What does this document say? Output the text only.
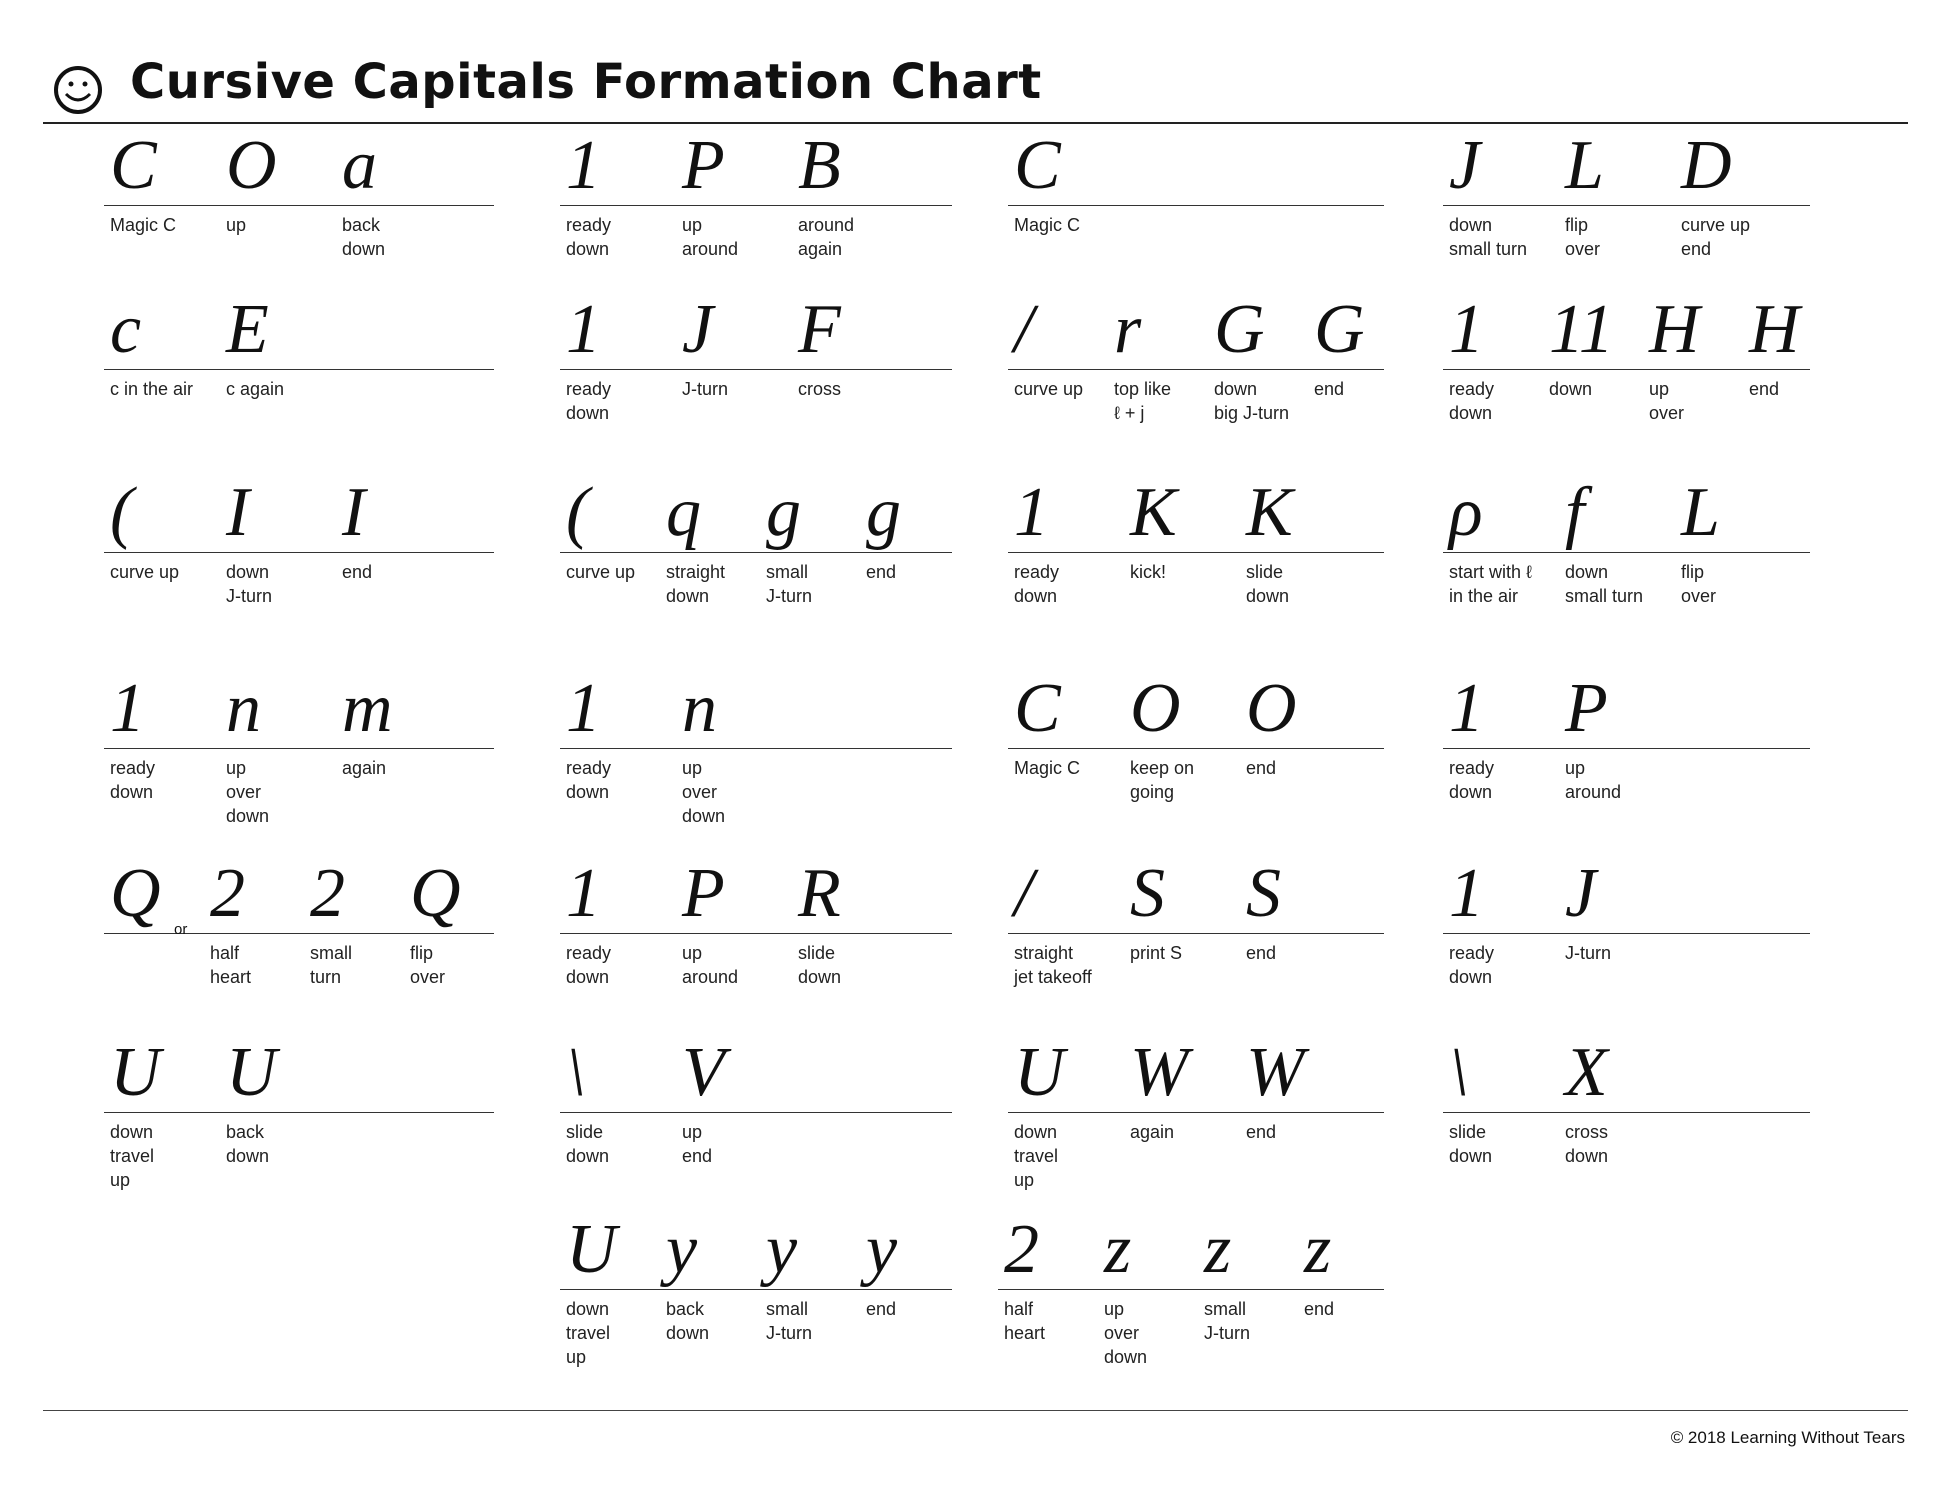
Cursive Capitals Formation Chart
C
Magic C
O
up
a
back
down
1
ready
down
P
up
around
B
around
again
C
Magic C
J
down
small turn
L
flip
over
D
curve up
end
c
c in the air
E
c again
1
ready
down
J
J-turn
F
cross
/
curve up
r
top like
ℓ + j
G
down
big J-turn
G
end
1
ready
down
11
down
H
up
over
H
end
(
curve up
I
down
J-turn
I
end
(
curve up
q
straight
down
g
small
J-turn
g
end
1
ready
down
K
kick!
K
slide
down
ρ
start with ℓ
in the air
f
down
small turn
L
flip
over
1
ready
down
n
up
over
down
m
again
1
ready
down
n
up
over
down
C
Magic C
O
keep on
going
O
end
1
ready
down
P
up
around
Q 2
half
heart
2
small
turn
Q
flip
over
or	1
ready
down
P
up
around
R
slide
down
/
straight
jet takeoff
S
print S
S
end
1
ready
down
J
J-turn
U
down
travel
up
U
back
down
\
slide
down
V
up
end
U
down
travel
up
W
again
W
end
\
slide
down
X
cross
down
U
down
travel
up
y
back
down
y
small
J-turn
y
end
2
half
heart
z
up
over
down
z
small
J-turn
z
end
© 2018 Learning Without Tears
